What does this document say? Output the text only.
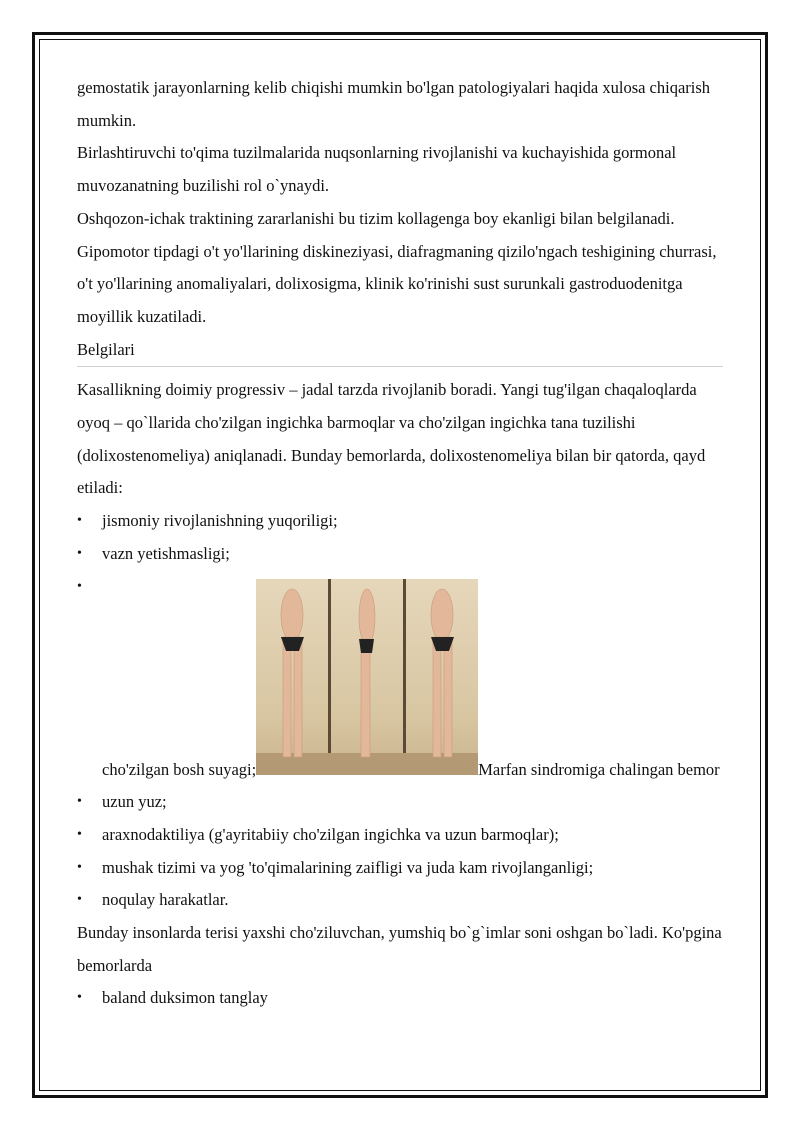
gemostatik jarayonlarning kelib chiqishi mumkin bo'lgan patologiyalari haqida xulosa chiqarish mumkin.

Birlashtiruvchi to'qima tuzilmalarida nuqsonlarning rivojlanishi va kuchayishida gormonal muvozanatning buzilishi rol o`ynaydi.

Oshqozon-ichak traktining zararlanishi bu tizim kollagenga boy ekanligi bilan belgilanadi. Gipomotor tipdagi o't yo'llarining diskineziyasi, diafragmaning qizilo'ngach teshigining churrasi, o't yo'llarining anomaliyalari, dolixosigma, klinik ko'rinishi sust surunkali gastroduodenitga moyillik kuzatiladi.

Belgilari

Kasallikning doimiy progressiv – jadal tarzda rivojlanib boradi. Yangi tug'ilgan chaqaloqlarda oyoq – qo`llarida cho'zilgan ingichka barmoqlar va cho'zilgan ingichka tana tuzilishi (dolixostenomeliya) aniqlanadi. Bunday bemorlarda, dolixostenomeliya bilan bir qatorda, qayd etiladi:

• jismoniy rivojlanishning yuqoriligi;
• vazn yetishmasligi;
• cho'zilgan bosh suyagi;	Marfan sindromiga chalingan bemor
• uzun yuz;
• araxnodaktiliya (g'ayritabiiy cho'zilgan ingichka va uzun barmoqlar);
• mushak tizimi va yog 'to'qimalarining zaifligi va juda kam rivojlanganligi;
• noqulay harakatlar.

Bunday insonlarda terisi yaxshi cho'ziluvchan, yumshiq bo`g`imlar soni oshgan bo`ladi. Ko'pgina bemorlarda

• baland duksimon tanglay
